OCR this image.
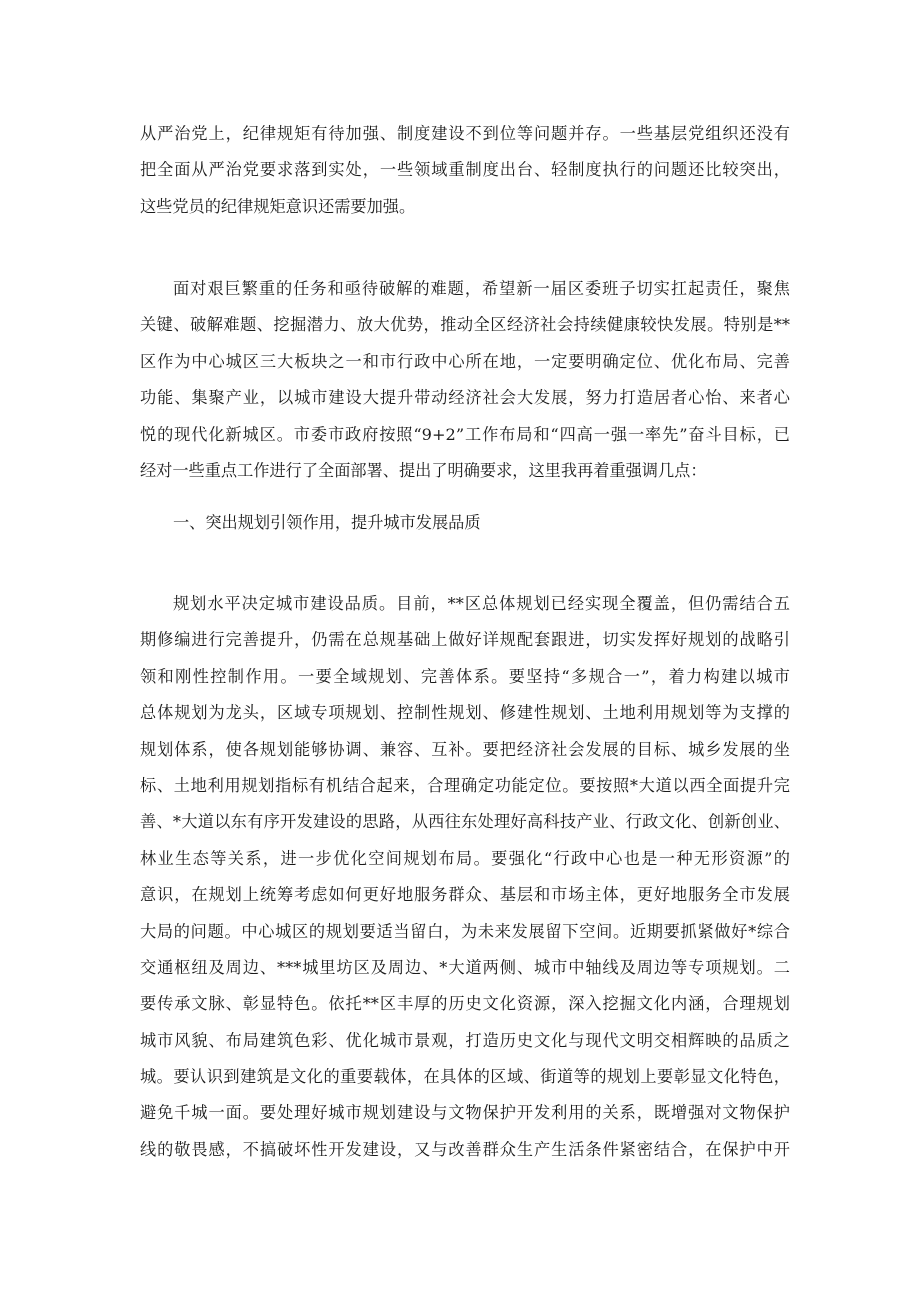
从严治党上，纪律规矩有待加强、制度建设不到位等问题并存。一些基层党组织还没有
把全面从严治党要求落到实处，一些领域重制度出台、轻制度执行的问题还比较突出，
这些党员的纪律规矩意识还需要加强。
面对艰巨繁重的任务和亟待破解的难题，希望新一届区委班子切实扛起责任，聚焦
关键、破解难题、挖掘潜力、放大优势，推动全区经济社会持续健康较快发展。特别是**
区作为中心城区三大板块之一和市行政中心所在地，一定要明确定位、优化布局、完善
功能、集聚产业，以城市建设大提升带动经济社会大发展，努力打造居者心怡、来者心
悦的现代化新城区。市委市政府按照“9+2”工作布局和“四高一强一率先”奋斗目标，已
经对一些重点工作进行了全面部署、提出了明确要求，这里我再着重强调几点：
一、突出规划引领作用，提升城市发展品质
规划水平决定城市建设品质。目前，**区总体规划已经实现全覆盖，但仍需结合五
期修编进行完善提升，仍需在总规基础上做好详规配套跟进，切实发挥好规划的战略引
领和刚性控制作用。一要全域规划、完善体系。要坚持“多规合一”，着力构建以城市
总体规划为龙头，区域专项规划、控制性规划、修建性规划、土地利用规划等为支撑的
规划体系，使各规划能够协调、兼容、互补。要把经济社会发展的目标、城乡发展的坐
标、土地利用规划指标有机结合起来，合理确定功能定位。要按照*大道以西全面提升完
善、*大道以东有序开发建设的思路，从西往东处理好高科技产业、行政文化、创新创业、
林业生态等关系，进一步优化空间规划布局。要强化“行政中心也是一种无形资源”的
意识，在规划上统筹考虑如何更好地服务群众、基层和市场主体，更好地服务全市发展
大局的问题。中心城区的规划要适当留白，为未来发展留下空间。近期要抓紧做好*综合
交通枢纽及周边、***城里坊区及周边、*大道两侧、城市中轴线及周边等专项规划。二
要传承文脉、彰显特色。依托**区丰厚的历史文化资源，深入挖掘文化内涵，合理规划
城市风貌、布局建筑色彩、优化城市景观，打造历史文化与现代文明交相辉映的品质之
城。要认识到建筑是文化的重要载体，在具体的区域、街道等的规划上要彰显文化特色，
避免千城一面。要处理好城市规划建设与文物保护开发利用的关系，既增强对文物保护
线的敬畏感，不搞破坏性开发建设，又与改善群众生产生活条件紧密结合，在保护中开
